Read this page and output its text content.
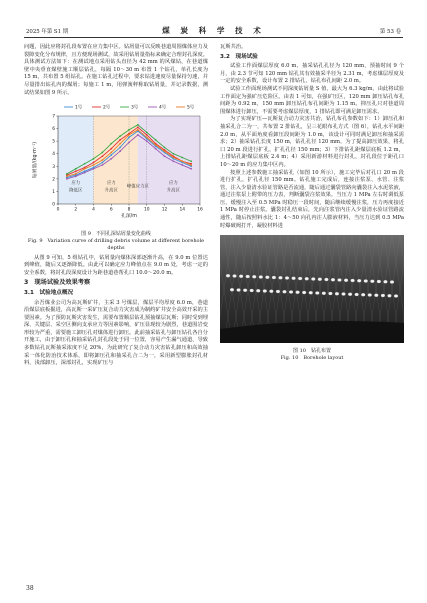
2025 年第 S1 期	煤 炭 科 学 技 术	第 53 卷

问题，因此应将封孔段布置在应力集中区。钻屑量可以反映巷道周围煤体应力及裂隙变化分布规律，且方便现场测试，故采用钻屑量指标来确定合理封孔深度。具体测试方法如下：在测试地点采用钻头直径为 42 mm 的风煤钻，在巷道煤壁中央垂直煤壁施工顺层钻孔，每隔 10～30 m 布置 1 个钻孔，单孔长度为 15 m，共布置 5 组钻孔。在施工钻孔过程中，要求钻进速度尽量保持匀速，并尽量排出钻孔内的煤屑；每施工 1 m，用弹簧秤称取钻屑量，并记录数据，测试结果如图 9 所示。

0	2	4	6	8	10	12	14	16
0
1
2
3
4
5
6
7
孔深/m
钻屑量/(kg·m⁻¹)
1号	2号	3号	4号	5号
应力
降低区
应力
升高区
峰值应力区
应力
升高区
图 9　不同孔深钻屑量变化曲线
Fig. 9　Variation curve of drilling debris volume at different borehole depths

从图 9 可知，5 组钻孔中，钻屑量向煤体深部逐渐升高，在 9.0 m 位置达到峰值，随后又逐渐降低。由此可以确定应力峰值点在 9.0 m 处，考虑一定的安全系数，将封孔段深度设计为距巷道巷帮孔口 10.0～20.0 m。

3　现场试验及效果考察
3.1　试验地点概况

余吾煤业公司为高瓦斯矿井，主采 3 号煤层，煤层平均厚度 6.0 m，巷道沿煤层底板掘进，高瓦斯一采矿压复合动力灾害成为制约矿井安全高效开采的主要因素。为了预防瓦斯灾害发生，需要布置顺层钻孔预抽煤层瓦斯；同时受到埋深、关键层、采空区侧向支承应力等因素影响，矿压显现较为剧烈，巷道围岩变形较为严重，需要施工卸压孔对煤体进行卸压。此前抽采钻孔与卸压钻孔各自分开施工，由于卸压孔和抽采钻孔封孔段处于同一位置，容易产生漏气通道，导致多数钻孔瓦斯抽采浓度不足 20%，为此研究了复合动力灾害钻孔卸压和高效抽采一体化防治技术体系，即将卸压孔和抽采孔合二为一，采用新型膨胀封孔材料，浅部卸压，深部封孔，实现矿压与

瓦斯共治。

3.2　现场试验

试验工作面煤层厚度 6.0 m，抽采钻孔孔径为 120 mm，预抽时间 9 个月，由 2.3 节可知 120 mm 钻孔其有效抽采半径为 2.31 m，考虑煤层厚度及一定的安全系数，设计布置 2 排钻孔，钻孔布孔间距 2.0 m。

试验工作面现场测试不同深度钻屑量 S 值，最大为 6.3 kg/m，由此将试验工作面定为强矿压危险区。由表 1 可知，在强矿压区，120 mm 卸压钻孔布孔间距为 0.92 m，150 mm 卸压钻孔布孔间距为 1.15 m。抑压孔只对巷道周围煤体进行卸压，不需要考虑煤层厚度，1 排钻孔即可满足卸压需求。

为了实现矿压—瓦斯复合动力灾害共治，钻孔布孔参数如下：1）卸压孔和抽采孔合二为一，共布置 2 排钻孔，呈三花眼布孔方式（图 6），钻孔水平间距 2.0 m，从平面角度看卸压段间距为 1.0 m，该设计可同时满足卸压和抽采需求；2）抽采钻孔长度 150 m，钻孔孔径 120 mm，为了提高卸压效果，将孔口 20 m 段进行扩孔，扩孔孔径 150 mm；3）下排钻孔距煤层底板 1.2 m，上排钻孔距煤层底板 2.4 m；4）采用新游材料进行封孔，封孔段位于距孔口 10～20 m 的应力集中区内。

按照上述参数施工抽采钻孔（如图 10 所示），施工完毕后对孔口 20 m 段进行扩孔，扩孔孔径 150 mm。钻孔施工完成后，连接注浆泵、水管、注浆管，注入少量清水验证管路是否流通，随后通过囊袋管路向囊袋注入水泥浆液，通过注浆泵上附带的压力表，判断囊袋注浆效果。当压力 1 MPa 左右时调低泵压，缓慢注入至 0.5 MPa 时稳压一段时间，随后继续缓慢注浆，压力再度接近 1 MPa 时停止注浆。囊袋封孔结束后，先向注浆管内注入少量清水验证管路流通性，随后按照料水比 1：4～50 向孔内注人膨液材料，当压力达到 0.5 MPa 时爆破阀打开，凝胶材料进

图 10　钻孔布置
Fig. 10　Borehole layout
38
